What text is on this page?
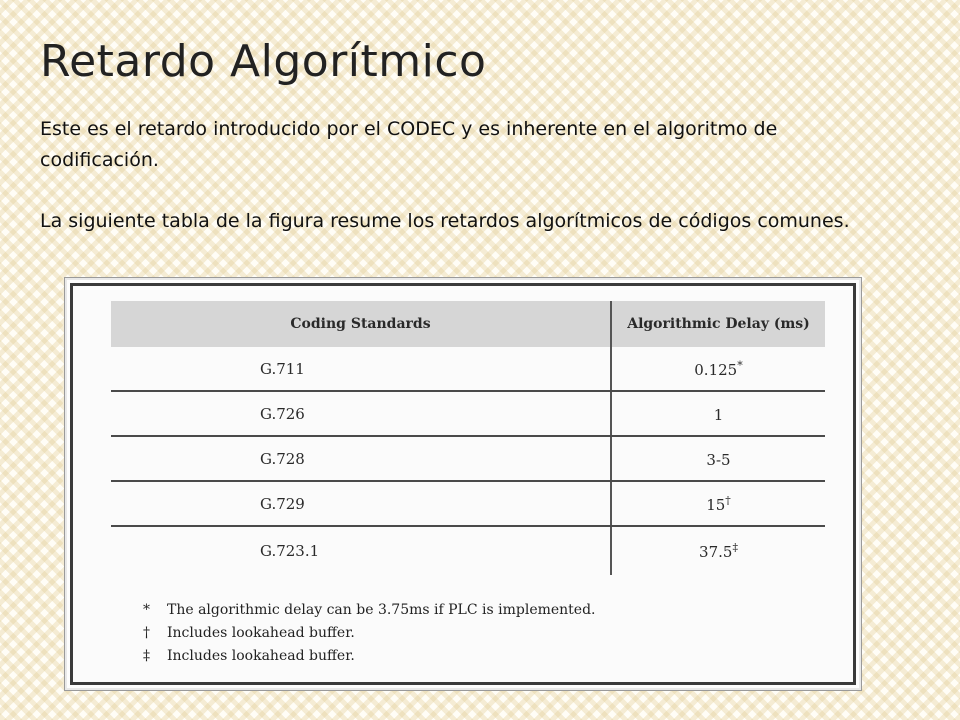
Retardo Algorítmico

Este es el retardo introducido por el CODEC y es inherente en el algoritmo de codificación.

La siguiente tabla de la figura resume los retardos algorítmicos de códigos comunes.

Coding Standards	Algorithmic Delay (ms)
G.711	0.125*
G.726	1
G.728	3-5
G.729	15†
G.723.1	37.5‡
*	The algorithmic delay can be 3.75ms if PLC is implemented.
†	Includes lookahead buffer.
‡	Includes lookahead buffer.
